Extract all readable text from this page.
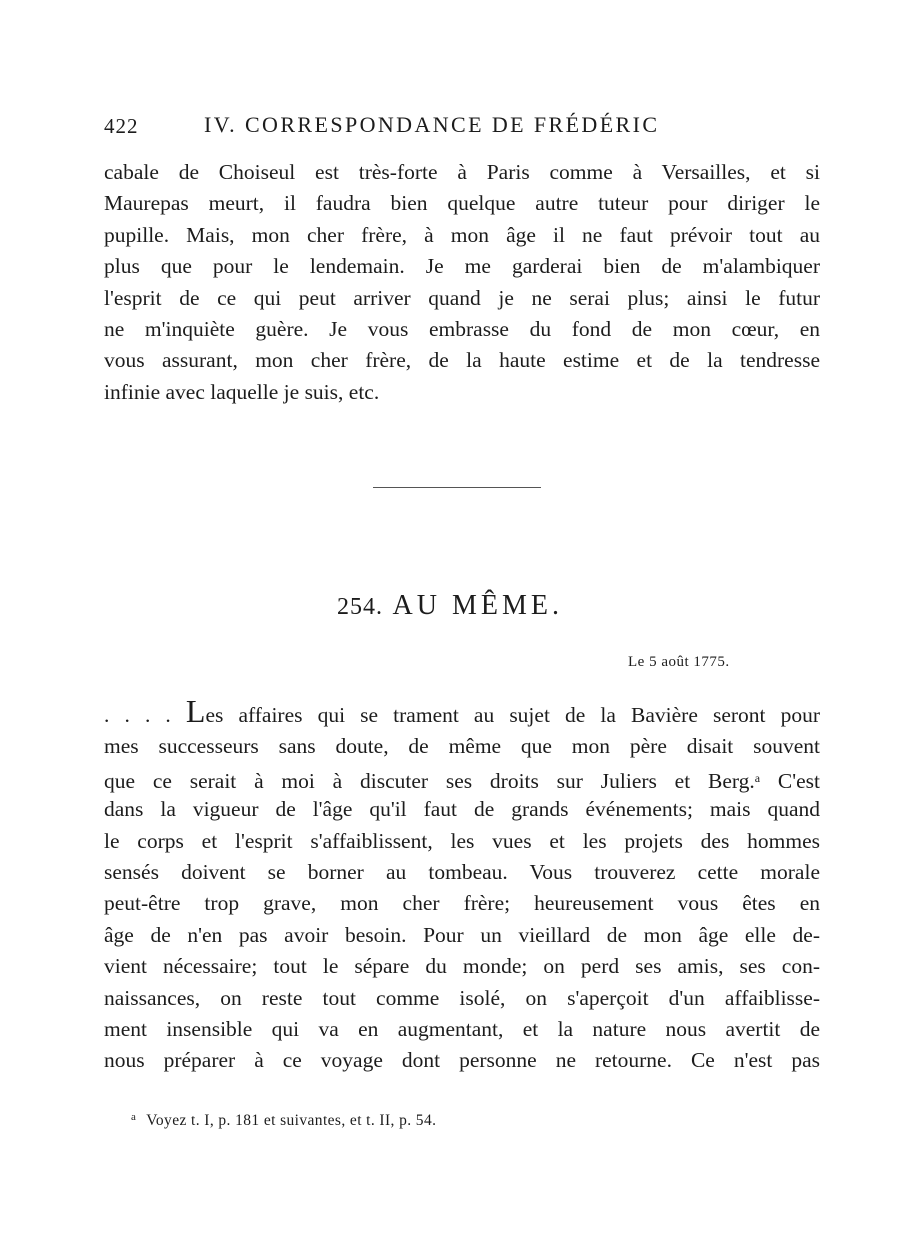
422	IV. CORRESPONDANCE DE FRÉDÉRIC
cabale de Choiseul est très-forte à Paris comme à Versailles, et si
Maurepas meurt, il faudra bien quelque autre tuteur pour diriger le
pupille. Mais, mon cher frère, à mon âge il ne faut prévoir tout au
plus que pour le lendemain. Je me garderai bien de m'alambiquer
l'esprit de ce qui peut arriver quand je ne serai plus; ainsi le futur
ne m'inquiète guère. Je vous embrasse du fond de mon cœur, en
vous assurant, mon cher frère, de la haute estime et de la tendresse
infinie avec laquelle je suis, etc.
254. AU MÊME.
Le 5 août 1775.
. . . . Les affaires qui se trament au sujet de la Bavière seront pour
mes successeurs sans doute, de même que mon père disait souvent
que ce serait à moi à discuter ses droits sur Juliers et Berg.$^a$ C'est
dans la vigueur de l'âge qu'il faut de grands événements; mais quand
le corps et l'esprit s'affaiblissent, les vues et les projets des hommes
sensés doivent se borner au tombeau. Vous trouverez cette morale
peut-être trop grave, mon cher frère; heureusement vous êtes en
âge de n'en pas avoir besoin. Pour un vieillard de mon âge elle de-
vient nécessaire; tout le sépare du monde; on perd ses amis, ses con-
naissances, on reste tout comme isolé, on s'aperçoit d'un affaiblisse-
ment insensible qui va en augmentant, et la nature nous avertit de
nous préparer à ce voyage dont personne ne retourne. Ce n'est pas
$^a$ Voyez t. I, p. 181 et suivantes, et t. II, p. 54.
